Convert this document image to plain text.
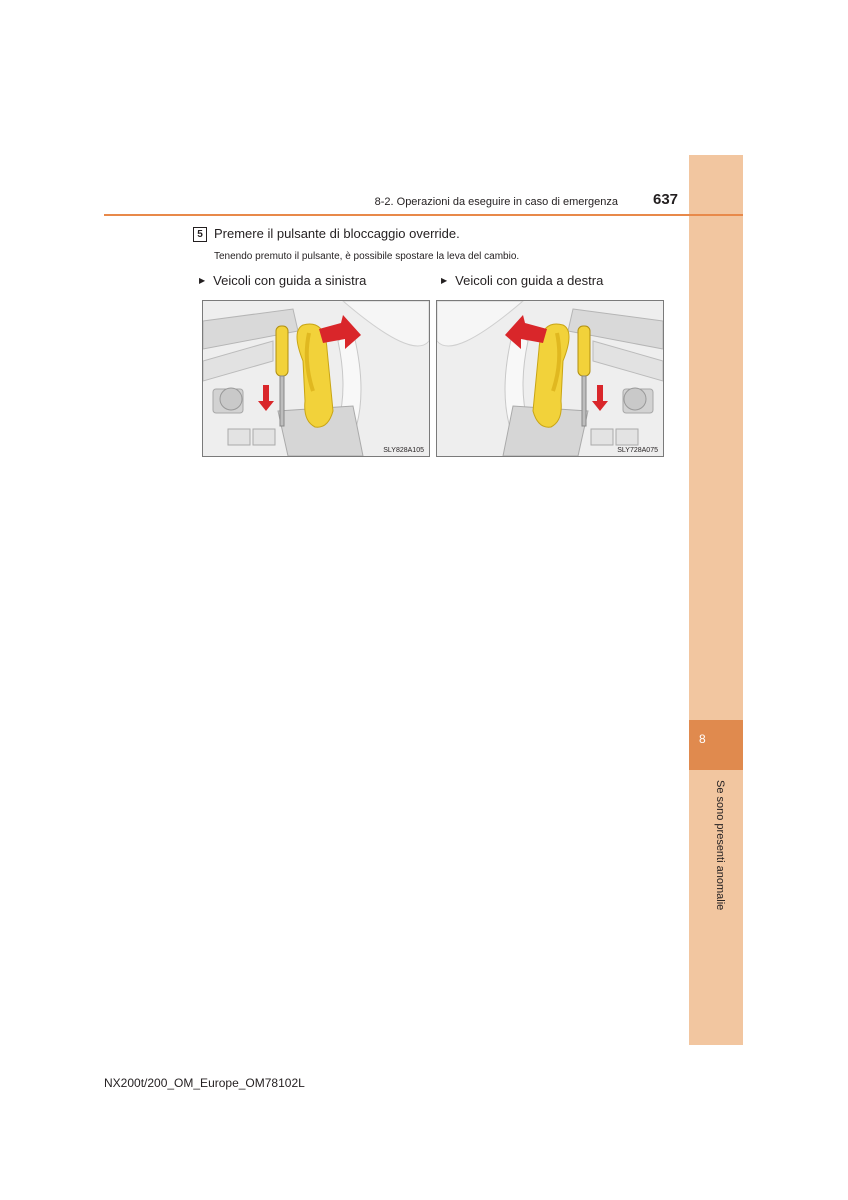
8
Se sono presenti anomalie
8-2. Operazioni da eseguire in caso di emergenza 637
5 Premere il pulsante di bloccaggio override.
Tenendo premuto il pulsante, è possibile spostare la leva del cambio.
▶ Veicoli con guida a sinistra	▶ Veicoli con guida a destra
SLY828A105	SLY728A075
NX200t/200_OM_Europe_OM78102L
